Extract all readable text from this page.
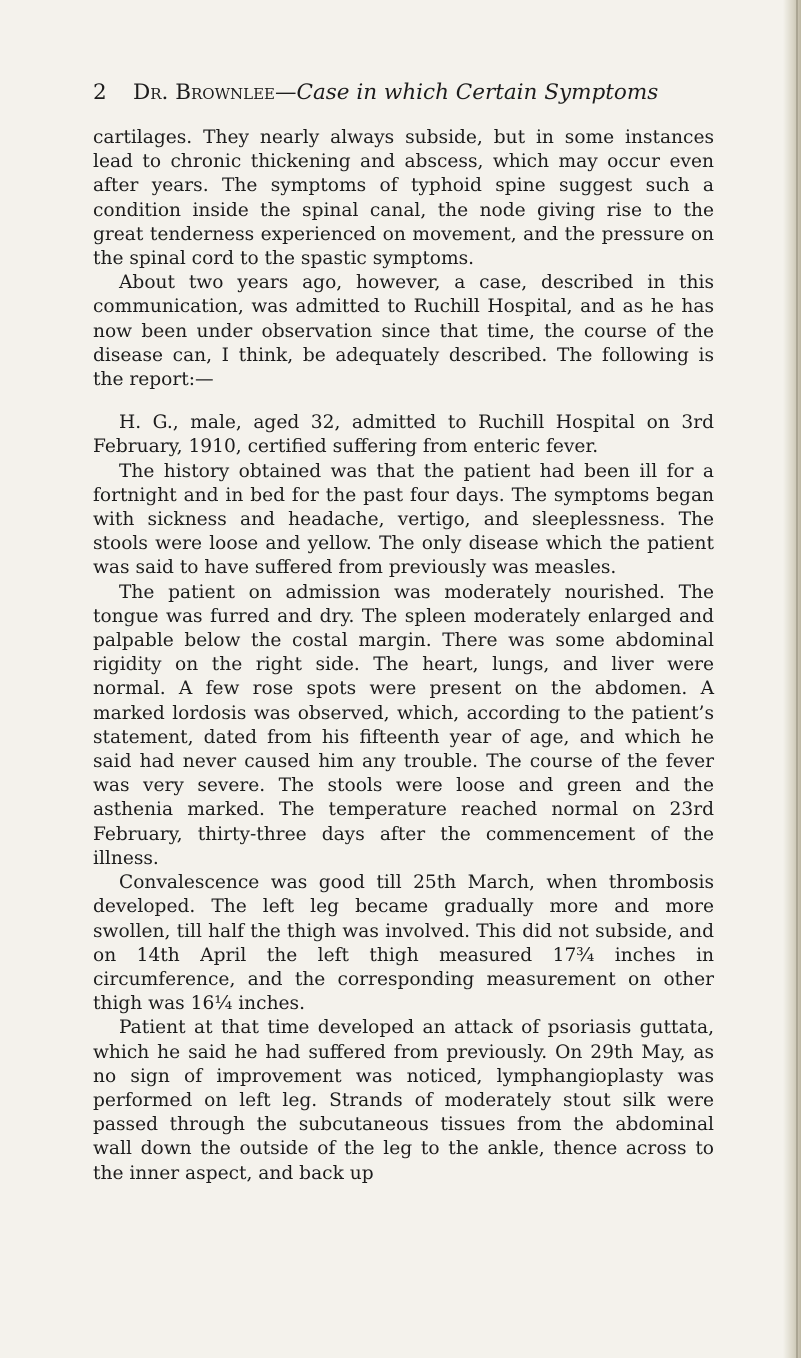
2	Dr. Brownlee — Case in which Certain Symptoms

cartilages. They nearly always subside, but in some instances lead to chronic thickening and abscess, which may occur even after years. The symptoms of typhoid spine suggest such a condition inside the spinal canal, the node giving rise to the great tenderness experienced on movement, and the pressure on the spinal cord to the spastic symptoms.

About two years ago, however, a case, described in this communication, was admitted to Ruchill Hospital, and as he has now been under observation since that time, the course of the disease can, I think, be adequately described. The following is the report:—

H. G., male, aged 32, admitted to Ruchill Hospital on 3rd February, 1910, certified suffering from enteric fever.

The history obtained was that the patient had been ill for a fortnight and in bed for the past four days. The symptoms began with sickness and headache, vertigo, and sleeplessness. The stools were loose and yellow. The only disease which the patient was said to have suffered from previously was measles.

The patient on admission was moderately nourished. The tongue was furred and dry. The spleen moderately enlarged and palpable below the costal margin. There was some abdominal rigidity on the right side. The heart, lungs, and liver were normal. A few rose spots were present on the abdomen. A marked lordosis was observed, which, according to the patient’s statement, dated from his fifteenth year of age, and which he said had never caused him any trouble. The course of the fever was very severe. The stools were loose and green and the asthenia marked. The temperature reached normal on 23rd February, thirty-three days after the commencement of the illness.

Convalescence was good till 25th March, when thrombosis developed. The left leg became gradually more and more swollen, till half the thigh was involved. This did not subside, and on 14th April the left thigh measured 17¾ inches in circumference, and the corresponding measurement on other thigh was 16¼ inches.

Patient at that time developed an attack of psoriasis guttata, which he said he had suffered from previously. On 29th May, as no sign of improvement was noticed, lymphangioplasty was performed on left leg. Strands of moderately stout silk were passed through the subcutaneous tissues from the abdominal wall down the outside of the leg to the ankle, thence across to the inner aspect, and back up
